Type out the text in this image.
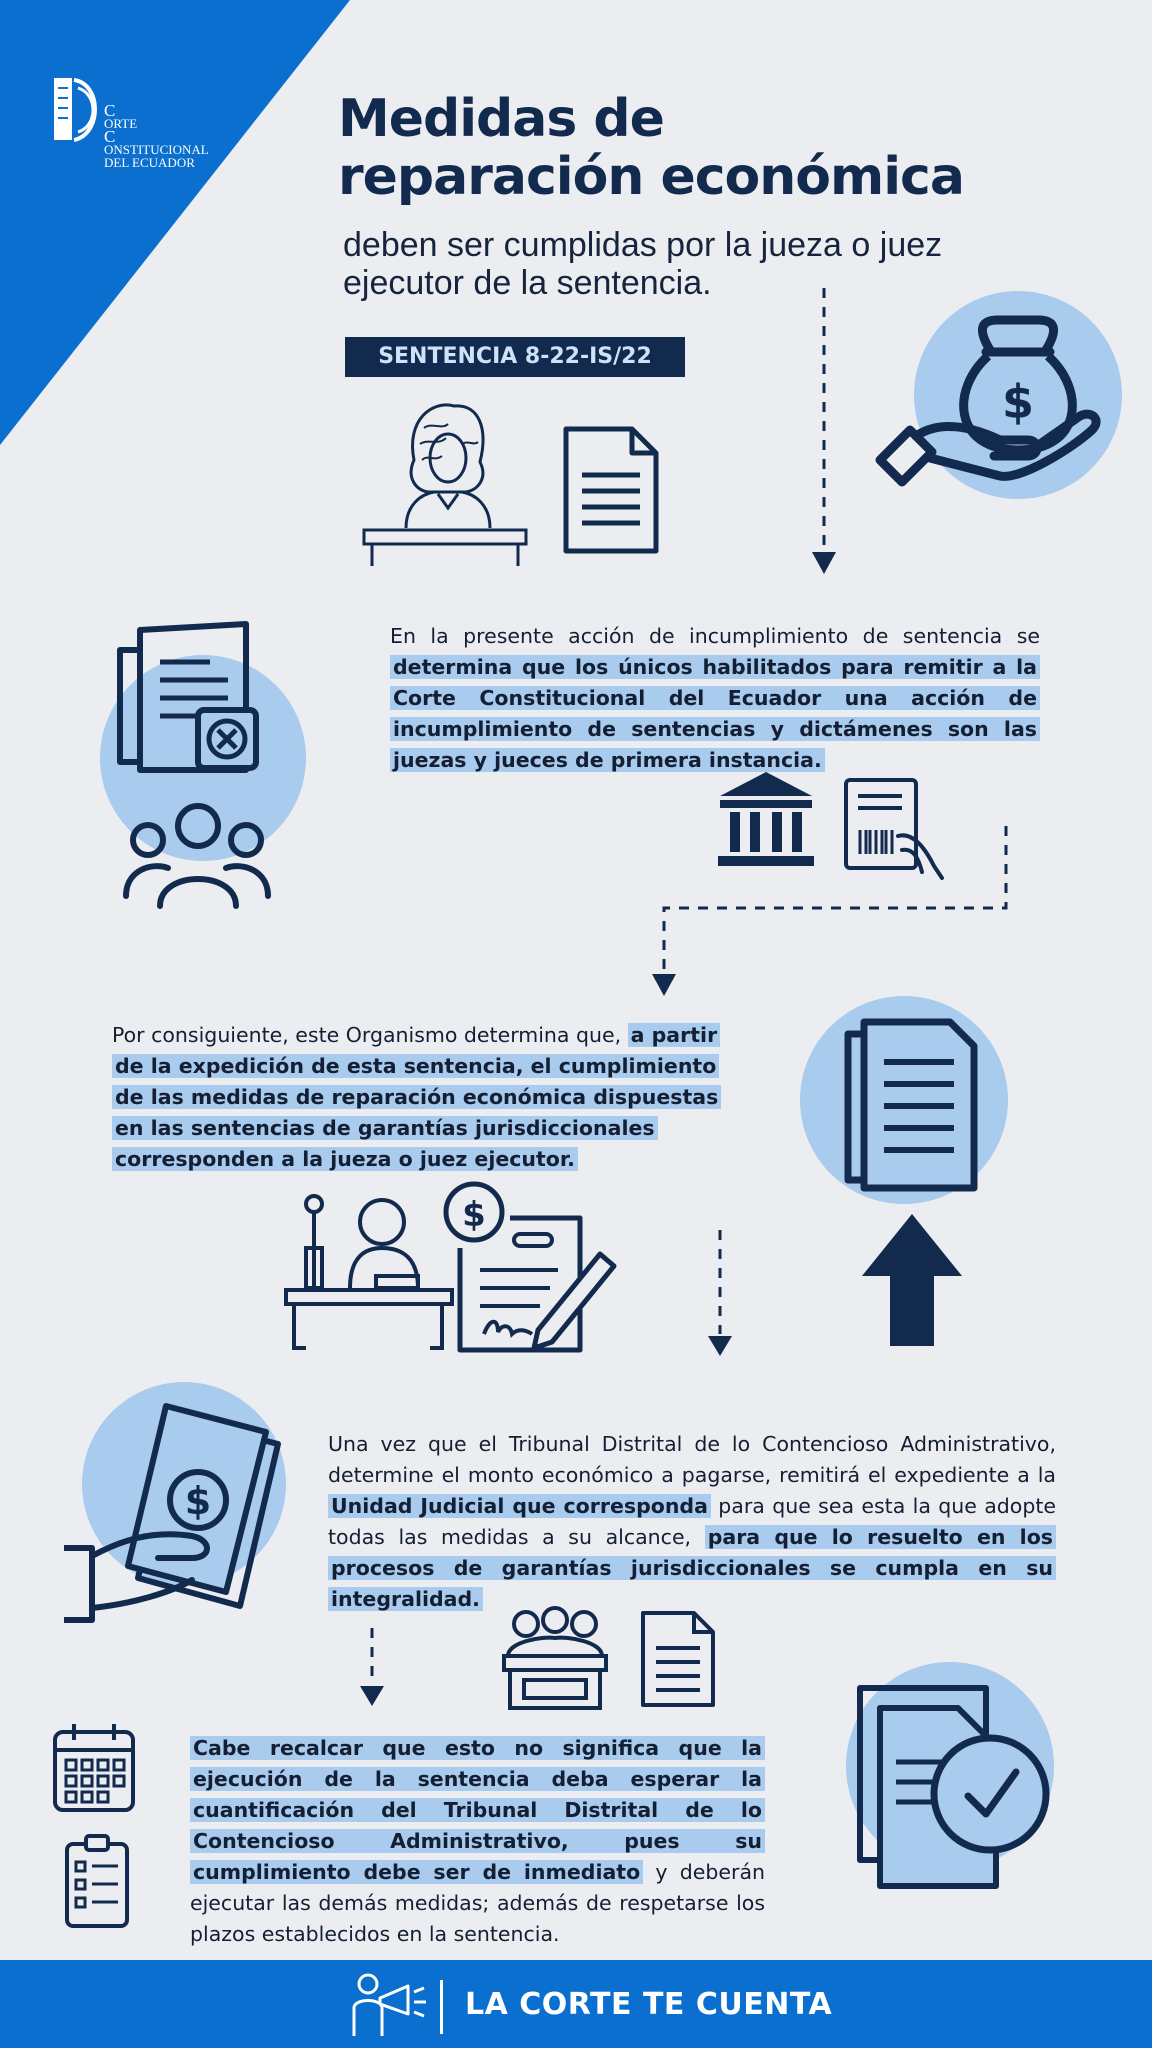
C
ORTE
C
ONSTITUCIONAL
DEL ECUADOR
Medidas de
reparación económica
deben ser cumplidas por la jueza o juez ejecutor de la sentencia.
SENTENCIA 8-22-IS/22
$
En la presente acción de incumplimiento de sentencia se determina que los únicos habilitados para remitir a la Corte Constitucional del Ecuador una acción de incumplimiento de sentencias y dictámenes son las juezas y jueces de primera instancia.
Por consiguiente, este Organismo determina que, a partir de la expedición de esta sentencia, el cumplimiento de las medidas de reparación económica dispuestas en las sentencias de garantías jurisdiccionales corresponden a la jueza o juez ejecutor.
$
$
Una vez que el Tribunal Distrital de lo Contencioso Administrativo, determine el monto económico a pagarse, remitirá el expediente a la Unidad Judicial que corresponda para que sea esta la que adopte todas las medidas a su alcance, para que lo resuelto en los procesos de garantías jurisdiccionales se cumpla en su integralidad.
Cabe recalcar que esto no significa que la ejecución de la sentencia deba esperar la cuantificación del Tribunal Distrital de lo Contencioso Administrativo, pues su cumplimiento debe ser de inmediato y deberán ejecutar las demás medidas; además de respetarse los plazos establecidos en la sentencia.
LA CORTE TE CUENTA
